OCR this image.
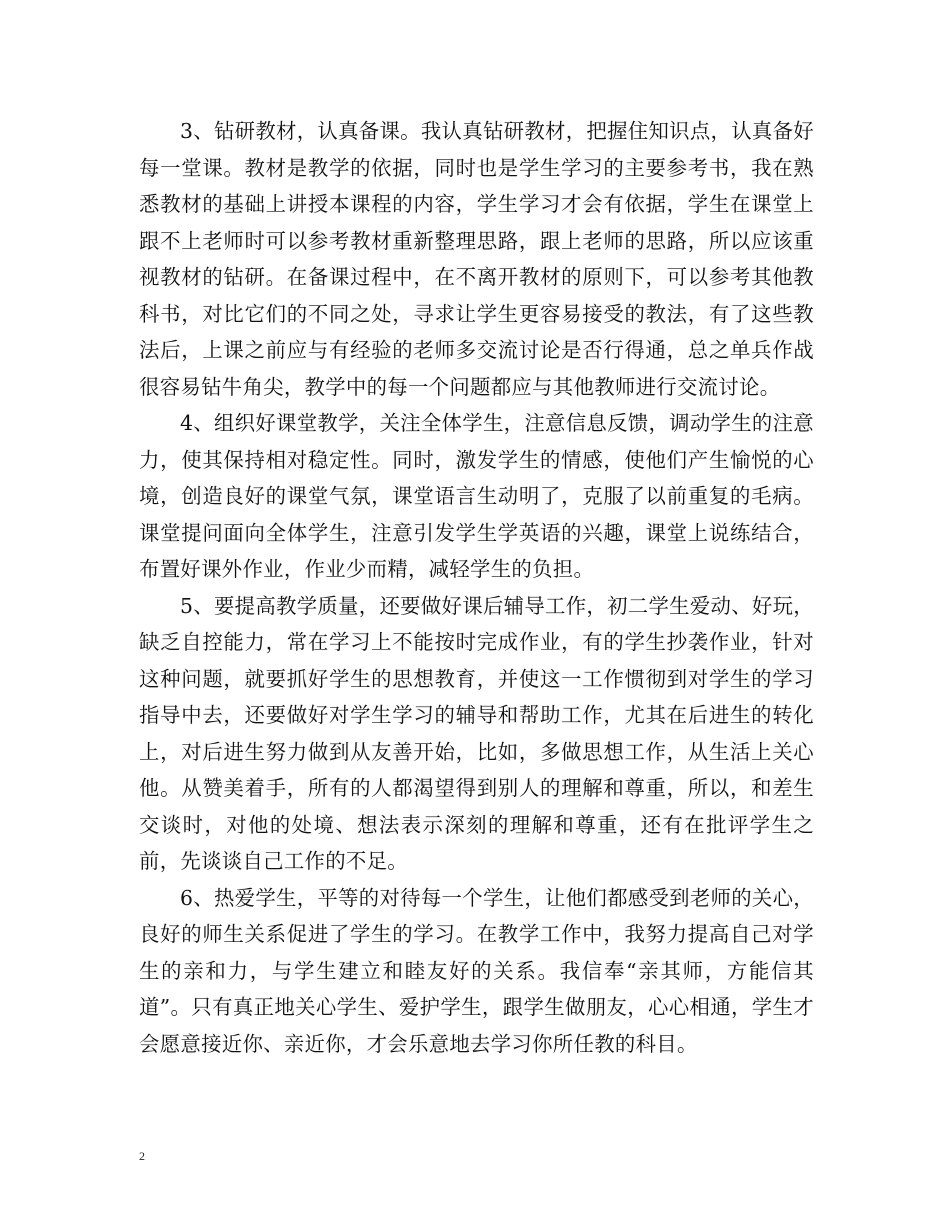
3、钻研教材，认真备课。我认真钻研教材，把握住知识点，认真备好每一堂课。教材是教学的依据，同时也是学生学习的主要参考书，我在熟悉教材的基础上讲授本课程的内容，学生学习才会有依据，学生在课堂上跟不上老师时可以参考教材重新整理思路，跟上老师的思路，所以应该重视教材的钻研。在备课过程中，在不离开教材的原则下，可以参考其他教科书，对比它们的不同之处，寻求让学生更容易接受的教法，有了这些教法后，上课之前应与有经验的老师多交流讨论是否行得通，总之单兵作战很容易钻牛角尖，教学中的每一个问题都应与其他教师进行交流讨论。

4、组织好课堂教学，关注全体学生，注意信息反馈，调动学生的注意力，使其保持相对稳定性。同时，激发学生的情感，使他们产生愉悦的心境，创造良好的课堂气氛，课堂语言生动明了，克服了以前重复的毛病。课堂提问面向全体学生，注意引发学生学英语的兴趣，课堂上说练结合，布置好课外作业，作业少而精，减轻学生的负担。

5、要提高教学质量，还要做好课后辅导工作，初二学生爱动、好玩，缺乏自控能力，常在学习上不能按时完成作业，有的学生抄袭作业，针对这种问题，就要抓好学生的思想教育，并使这一工作惯彻到对学生的学习指导中去，还要做好对学生学习的辅导和帮助工作，尤其在后进生的转化上，对后进生努力做到从友善开始，比如，多做思想工作，从生活上关心他。从赞美着手，所有的人都渴望得到别人的理解和尊重，所以，和差生交谈时，对他的处境、想法表示深刻的理解和尊重，还有在批评学生之前，先谈谈自己工作的不足。

6、热爱学生，平等的对待每一个学生，让他们都感受到老师的关心，良好的师生关系促进了学生的学习。在教学工作中，我努力提高自己对学生的亲和力，与学生建立和睦友好的关系。我信奉“亲其师，方能信其道”。只有真正地关心学生、爱护学生，跟学生做朋友，心心相通，学生才会愿意接近你、亲近你，才会乐意地去学习你所任教的科目。

2
